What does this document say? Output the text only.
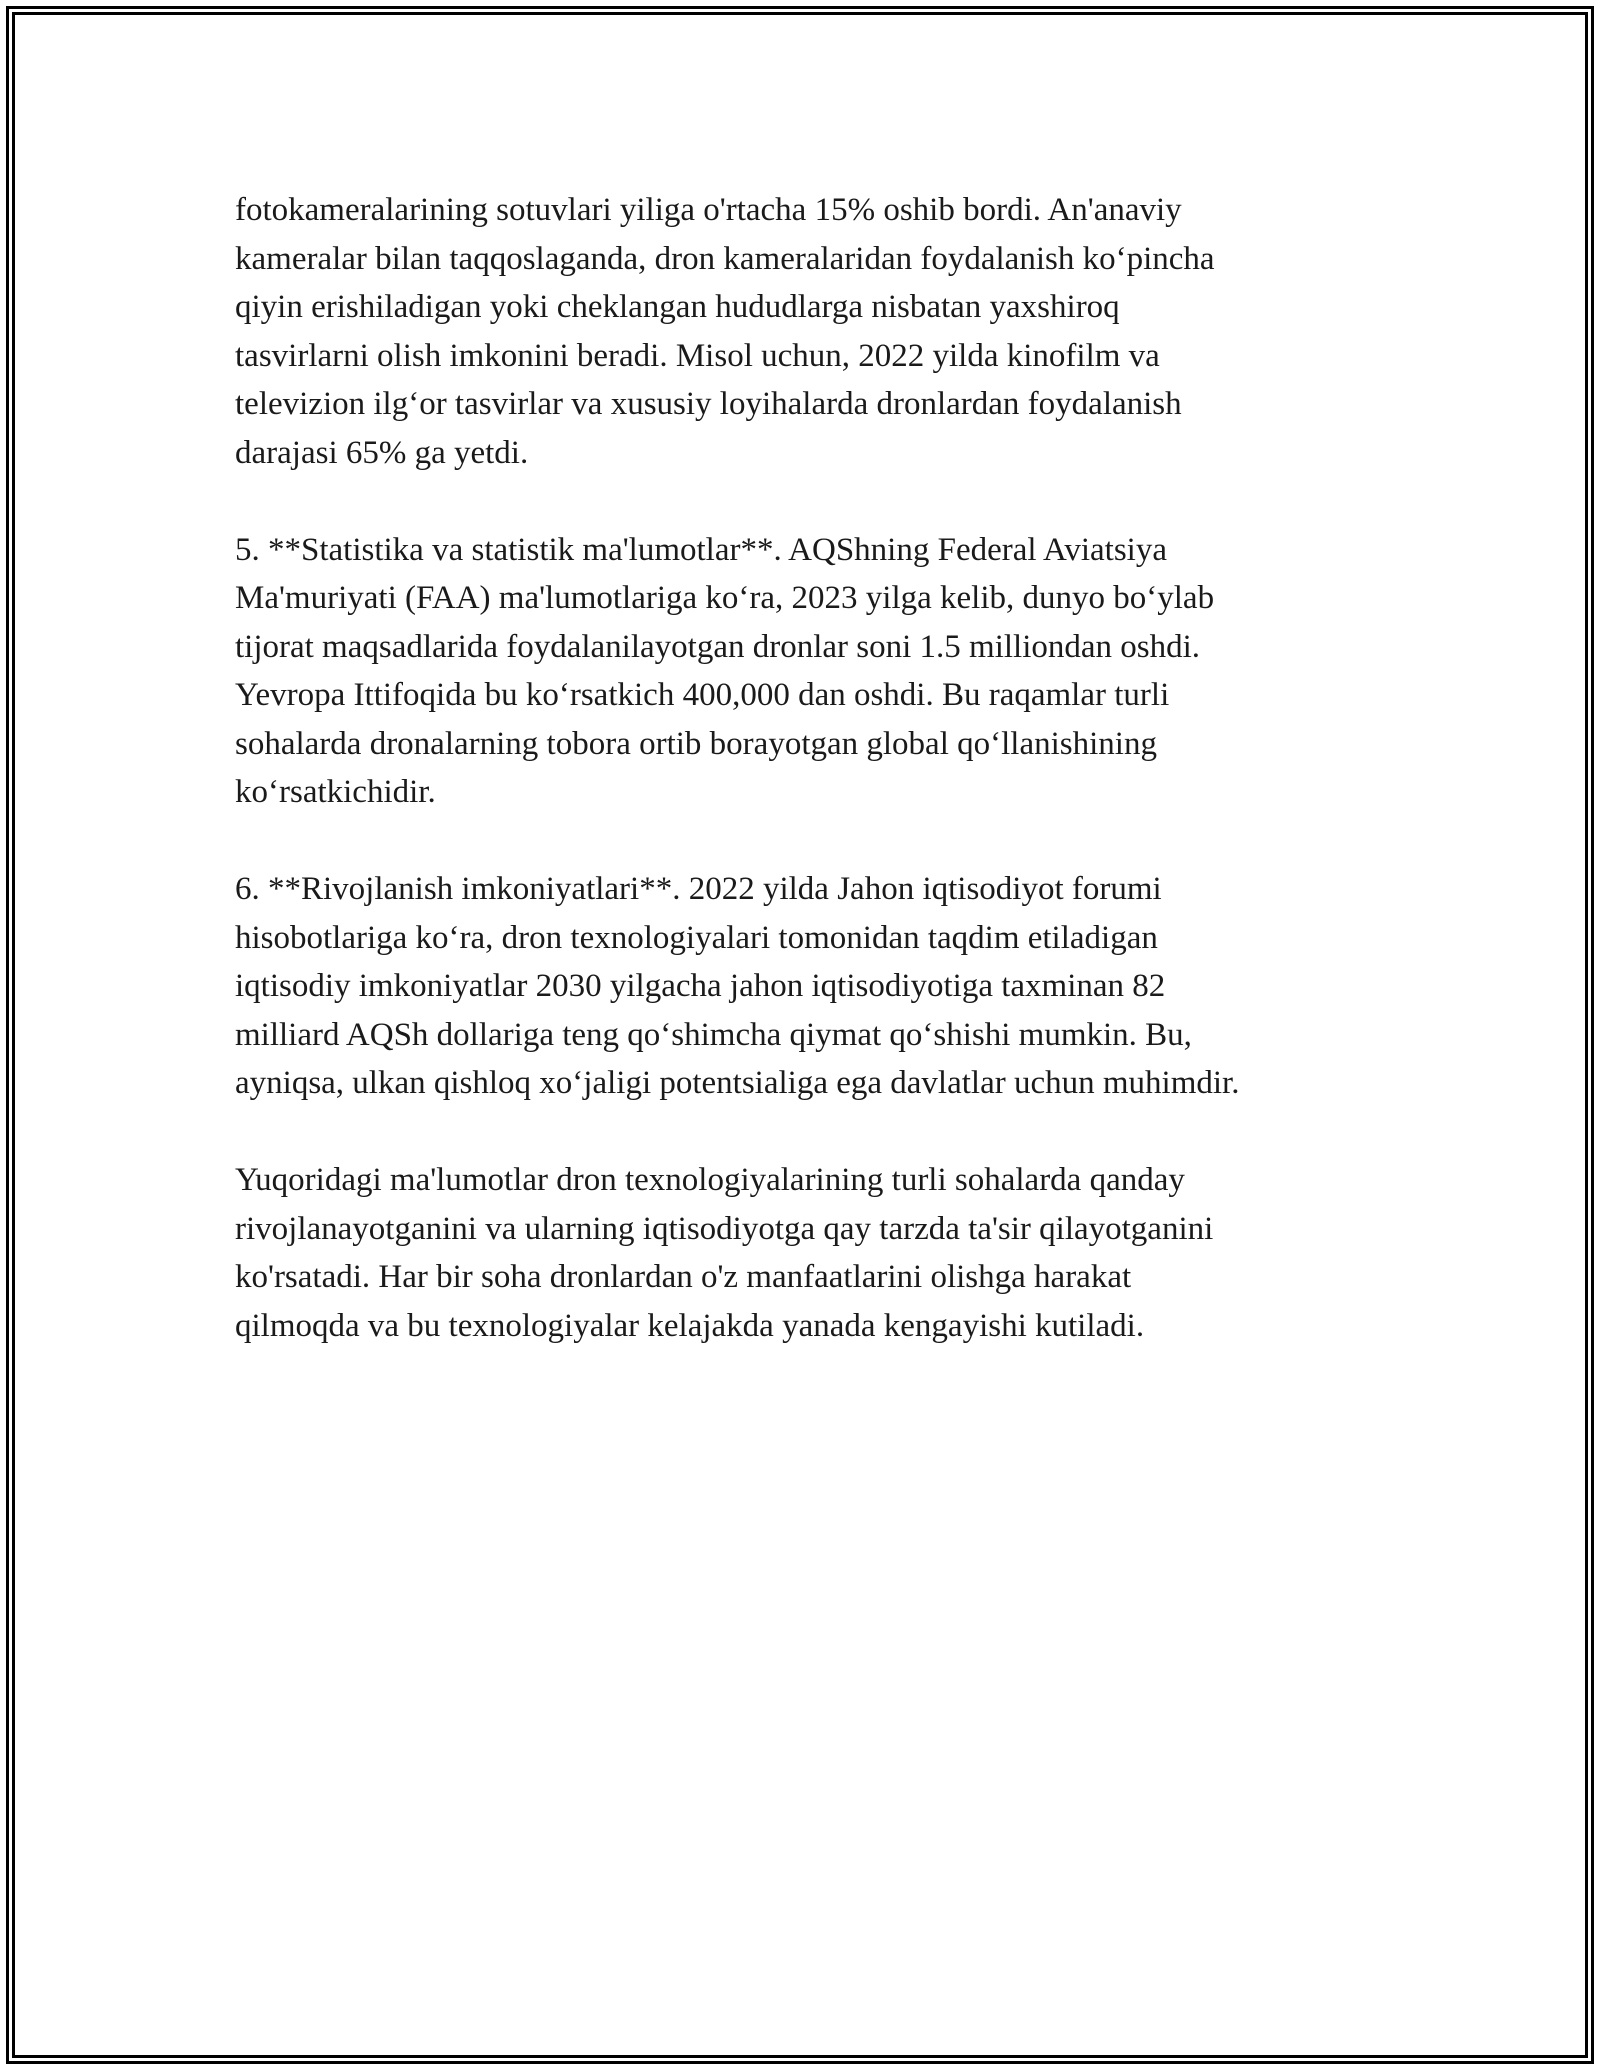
fotokameralarining sotuvlari yiliga o'rtacha 15% oshib bordi. An'anaviy
kameralar bilan taqqoslaganda, dron kameralaridan foydalanish ko‘pincha
qiyin erishiladigan yoki cheklangan hududlarga nisbatan yaxshiroq
tasvirlarni olish imkonini beradi. Misol uchun, 2022 yilda kinofilm va
televizion ilg‘or tasvirlar va xususiy loyihalarda dronlardan foydalanish
darajasi 65% ga yetdi.

5. **Statistika va statistik ma'lumotlar**. AQShning Federal Aviatsiya
Ma'muriyati (FAA) ma'lumotlariga ko‘ra, 2023 yilga kelib, dunyo bo‘ylab
tijorat maqsadlarida foydalanilayotgan dronlar soni 1.5 milliondan oshdi.
Yevropa Ittifoqida bu ko‘rsatkich 400,000 dan oshdi. Bu raqamlar turli
sohalarda dronalarning tobora ortib borayotgan global qo‘llanishining
ko‘rsatkichidir.

6. **Rivojlanish imkoniyatlari**. 2022 yilda Jahon iqtisodiyot forumi
hisobotlariga ko‘ra, dron texnologiyalari tomonidan taqdim etiladigan
iqtisodiy imkoniyatlar 2030 yilgacha jahon iqtisodiyotiga taxminan 82
milliard AQSh dollariga teng qo‘shimcha qiymat qo‘shishi mumkin. Bu,
ayniqsa, ulkan qishloq xo‘jaligi potentsialiga ega davlatlar uchun muhimdir.

Yuqoridagi ma'lumotlar dron texnologiyalarining turli sohalarda qanday
rivojlanayotganini va ularning iqtisodiyotga qay tarzda ta'sir qilayotganini
ko'rsatadi. Har bir soha dronlardan o'z manfaatlarini olishga harakat
qilmoqda va bu texnologiyalar kelajakda yanada kengayishi kutiladi.
